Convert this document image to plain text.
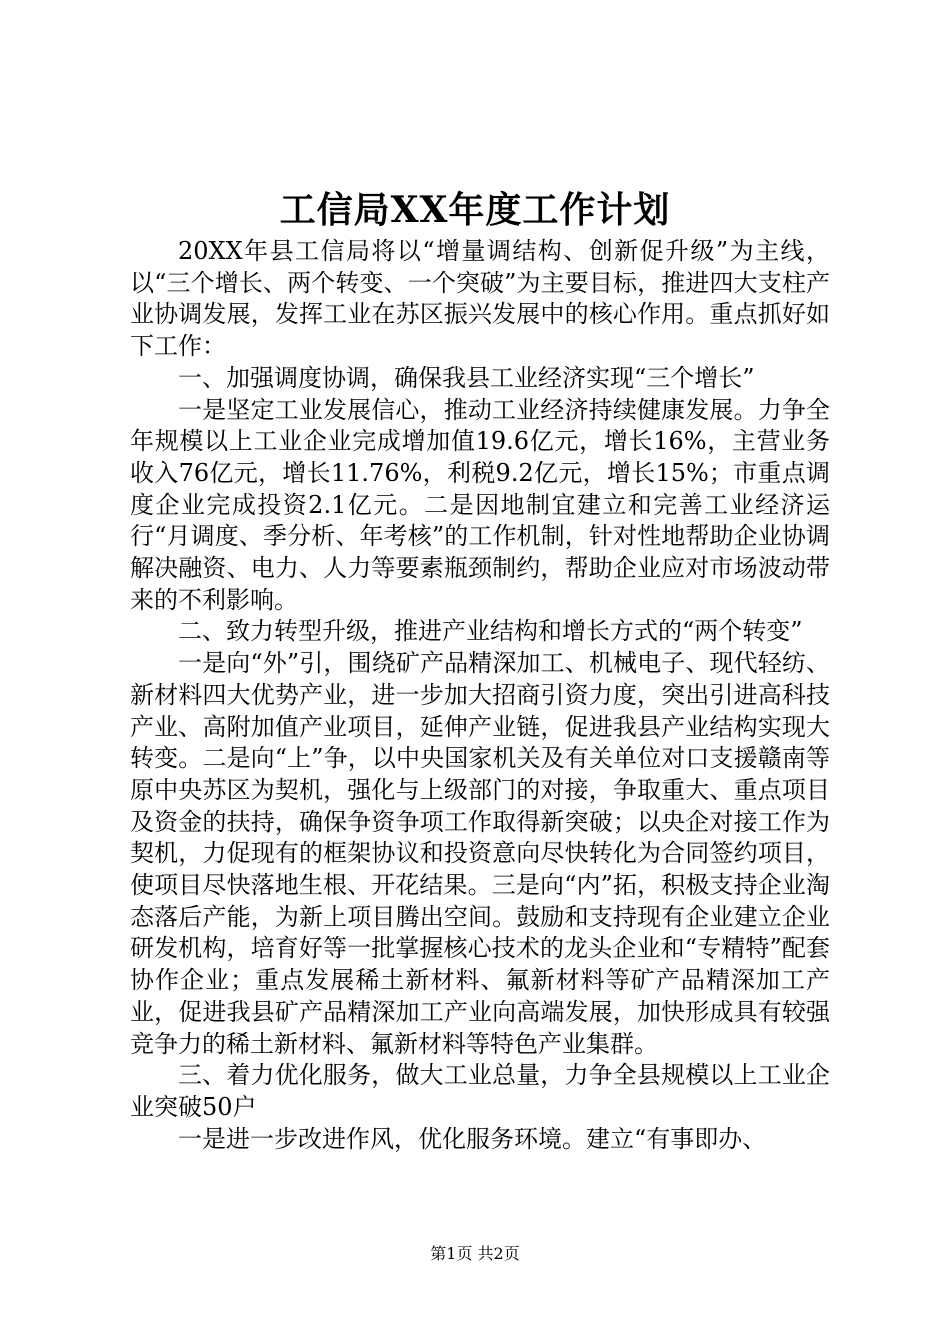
工信局XX年度工作计划

20XX年县工信局将以“增量调结构、创新促升级”为主线，以“三个增长、两个转变、一个突破”为主要目标，推进四大支柱产业协调发展，发挥工业在苏区振兴发展中的核心作用。重点抓好如下工作：

一、加强调度协调，确保我县工业经济实现“三个增长”

一是坚定工业发展信心，推动工业经济持续健康发展。力争全年规模以上工业企业完成增加值19.6亿元，增长16%，主营业务收入76亿元，增长11.76%，利税9.2亿元，增长15%；市重点调度企业完成投资2.1亿元。二是因地制宜建立和完善工业经济运行“月调度、季分析、年考核”的工作机制，针对性地帮助企业协调解决融资、电力、人力等要素瓶颈制约，帮助企业应对市场波动带来的不利影响。

二、致力转型升级，推进产业结构和增长方式的“两个转变”

一是向“外”引，围绕矿产品精深加工、机械电子、现代轻纺、新材料四大优势产业，进一步加大招商引资力度，突出引进高科技产业、高附加值产业项目，延伸产业链，促进我县产业结构实现大转变。二是向“上”争，以中央国家机关及有关单位对口支援赣南等原中央苏区为契机，强化与上级部门的对接，争取重大、重点项目及资金的扶持，确保争资争项工作取得新突破；以央企对接工作为契机，力促现有的框架协议和投资意向尽快转化为合同签约项目，使项目尽快落地生根、开花结果。三是向“内”拓，积极支持企业淘态落后产能，为新上项目腾出空间。鼓励和支持现有企业建立企业研发机构，培育好等一批掌握核心技术的龙头企业和“专精特”配套协作企业；重点发展稀土新材料、氟新材料等矿产品精深加工产业，促进我县矿产品精深加工产业向高端发展，加快形成具有较强竞争力的稀土新材料、氟新材料等特色产业集群。

三、着力优化服务，做大工业总量，力争全县规模以上工业企业突破50户

一是进一步改进作风，优化服务环境。建立“有事即办、

第1页 共2页
